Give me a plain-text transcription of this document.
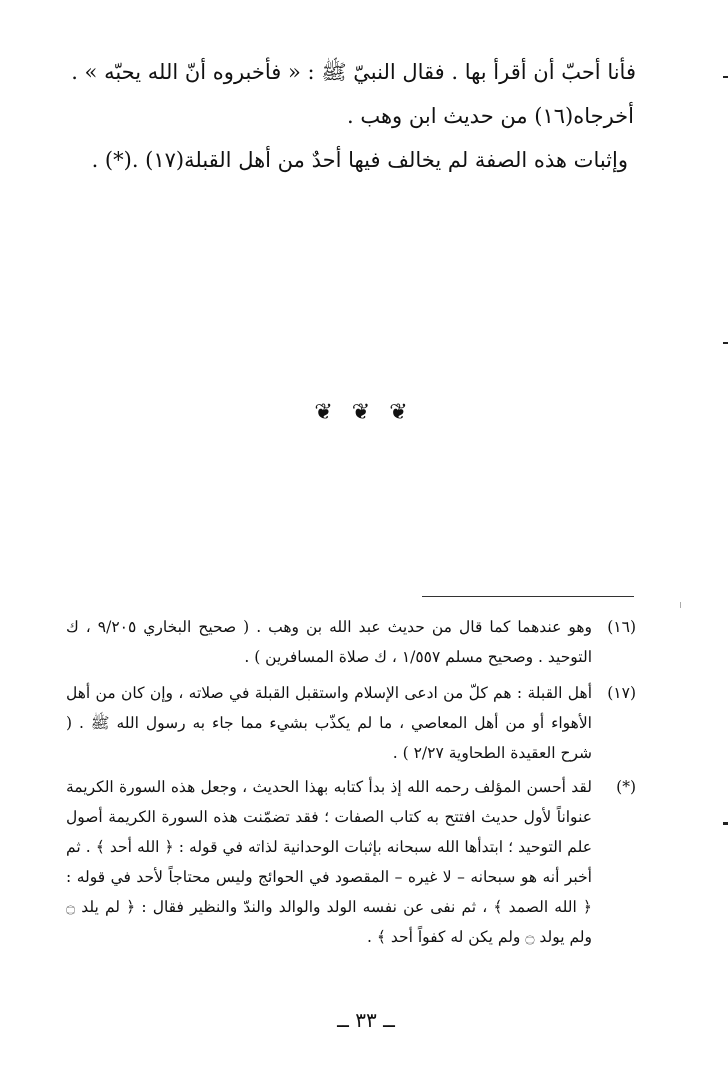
فأنا أحبّ أن أقرأ بها . فقال النبيّ ﷺ : « فأخبروه أنّ الله يحبّه » .
أخرجاه(١٦) من حديث ابن وهب .
وإثبات هذه الصفة لم يخالف فيها أحدٌ من أهل القبلة(١٧) .(*) .
❦ ❦ ❦
(١٦)
وهو عندهما كما قال من حديث عبد الله بن وهب . ( صحيح البخاري ٩/٢٠٥ ، ك التوحيد . وصحيح مسلم ١/٥٥٧ ، ك صلاة المسافرين ) .
(١٧)
أهل القبلة : هم كلّ من ادعى الإسلام واستقبل القبلة في صلاته ، وإن كان من أهل الأهواء أو من أهل المعاصي ، ما لم يكذّب بشيء مما جاء به رسول الله ﷺ . ( شرح العقيدة الطحاوية ٢/٢٧ ) .
(*)
لقد أحسن المؤلف رحمه الله إذ بدأ كتابه بهذا الحديث ، وجعل هذه السورة الكريمة عنواناً لأول حديث افتتح به كتاب الصفات ؛ فقد تضمّنت هذه السورة الكريمة أصول علم التوحيد ؛ ابتدأها الله سبحانه بإثبات الوحدانية لذاته في قوله : ﴿ الله أحد ﴾ . ثم أخبر أنه هو سبحانه – لا غيره – المقصود في الحوائج وليس محتاجاً لأحد في قوله : ﴿ الله الصمد ﴾ ، ثم نفى عن نفسه الولد والوالد والندّ والنظير فقال : ﴿ لم يلد ۝ ولم يولد ۝ ولم يكن له كفواً أحد ﴾ .
ــ ٣٣ ــ
